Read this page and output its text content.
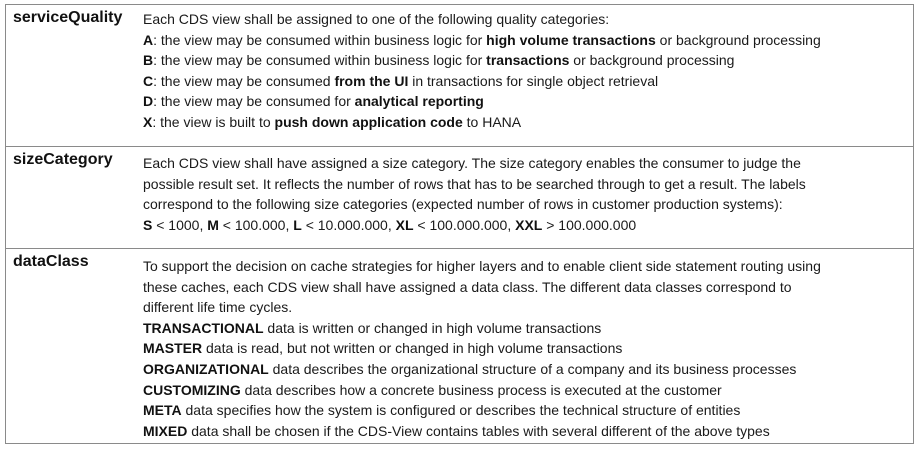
serviceQuality Each CDS view shall be assigned to one of the following quality categories:
A: the view may be consumed within business logic for high volume transactions or background processing
B: the view may be consumed within business logic for transactions or background processing
C: the view may be consumed from the UI in transactions for single object retrieval
D: the view may be consumed for analytical reporting
X: the view is built to push down application code to HANA
sizeCategory Each CDS view shall have assigned a size category. The size category enables the consumer to judge the
possible result set. It reflects the number of rows that has to be searched through to get a result. The labels
correspond to the following size categories (expected number of rows in customer production systems):
S < 1000, M < 100.000, L < 10.000.000, XL < 100.000.000, XXL > 100.000.000
dataClass	To support the decision on cache strategies for higher layers and to enable client side statement routing using
these caches, each CDS view shall have assigned a data class. The different data classes correspond to
different life time cycles.
TRANSACTIONAL data is written or changed in high volume transactions
MASTER data is read, but not written or changed in high volume transactions
ORGANIZATIONAL data describes the organizational structure of a company and its business processes
CUSTOMIZING data describes how a concrete business process is executed at the customer
META data specifies how the system is configured or describes the technical structure of entities
MIXED data shall be chosen if the CDS-View contains tables with several different of the above types
